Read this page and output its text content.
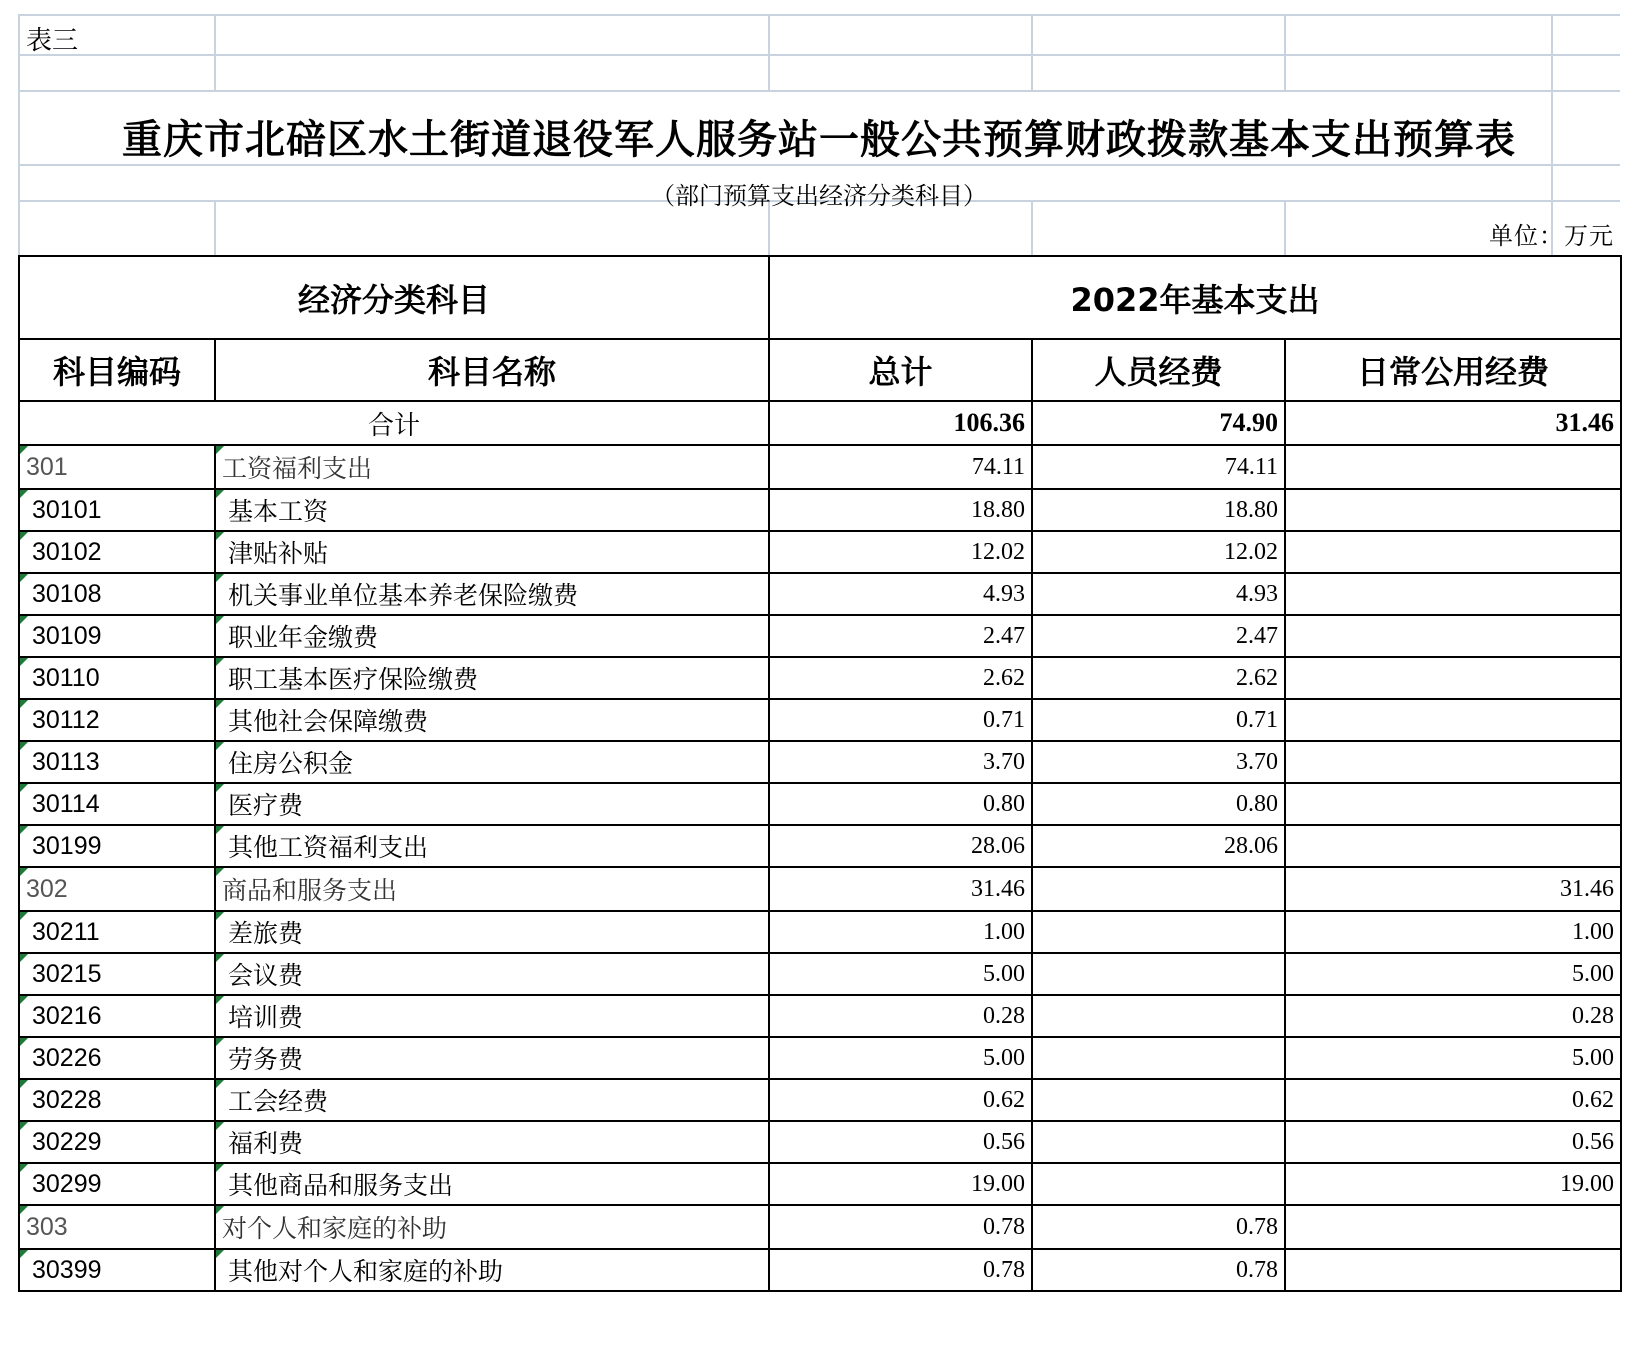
表三
重庆市北碚区水土街道退役军人服务站一般公共预算财政拨款基本支出预算表
（部门预算支出经济分类科目）
单位：万元
经济分类科目		2022年基本支出		
科目编码	科目名称	总计	人员经费	日常公用经费
合计		106.36	74.90	31.46
301	工资福利支出	74.11	74.11	
30101	基本工资	18.80	18.80	
30102	津贴补贴	12.02	12.02	
30108	机关事业单位基本养老保险缴费	4.93	4.93	
30109	职业年金缴费	2.47	2.47	
30110	职工基本医疗保险缴费	2.62	2.62	
30112	其他社会保障缴费	0.71	0.71	
30113	住房公积金	3.70	3.70	
30114	医疗费	0.80	0.80	
30199	其他工资福利支出	28.06	28.06	
302	商品和服务支出	31.46		31.46
30211	差旅费	1.00		1.00
30215	会议费	5.00		5.00
30216	培训费	0.28		0.28
30226	劳务费	5.00		5.00
30228	工会经费	0.62		0.62
30229	福利费	0.56		0.56
30299	其他商品和服务支出	19.00		19.00
303	对个人和家庭的补助	0.78	0.78	
30399	其他对个人和家庭的补助	0.78	0.78	
